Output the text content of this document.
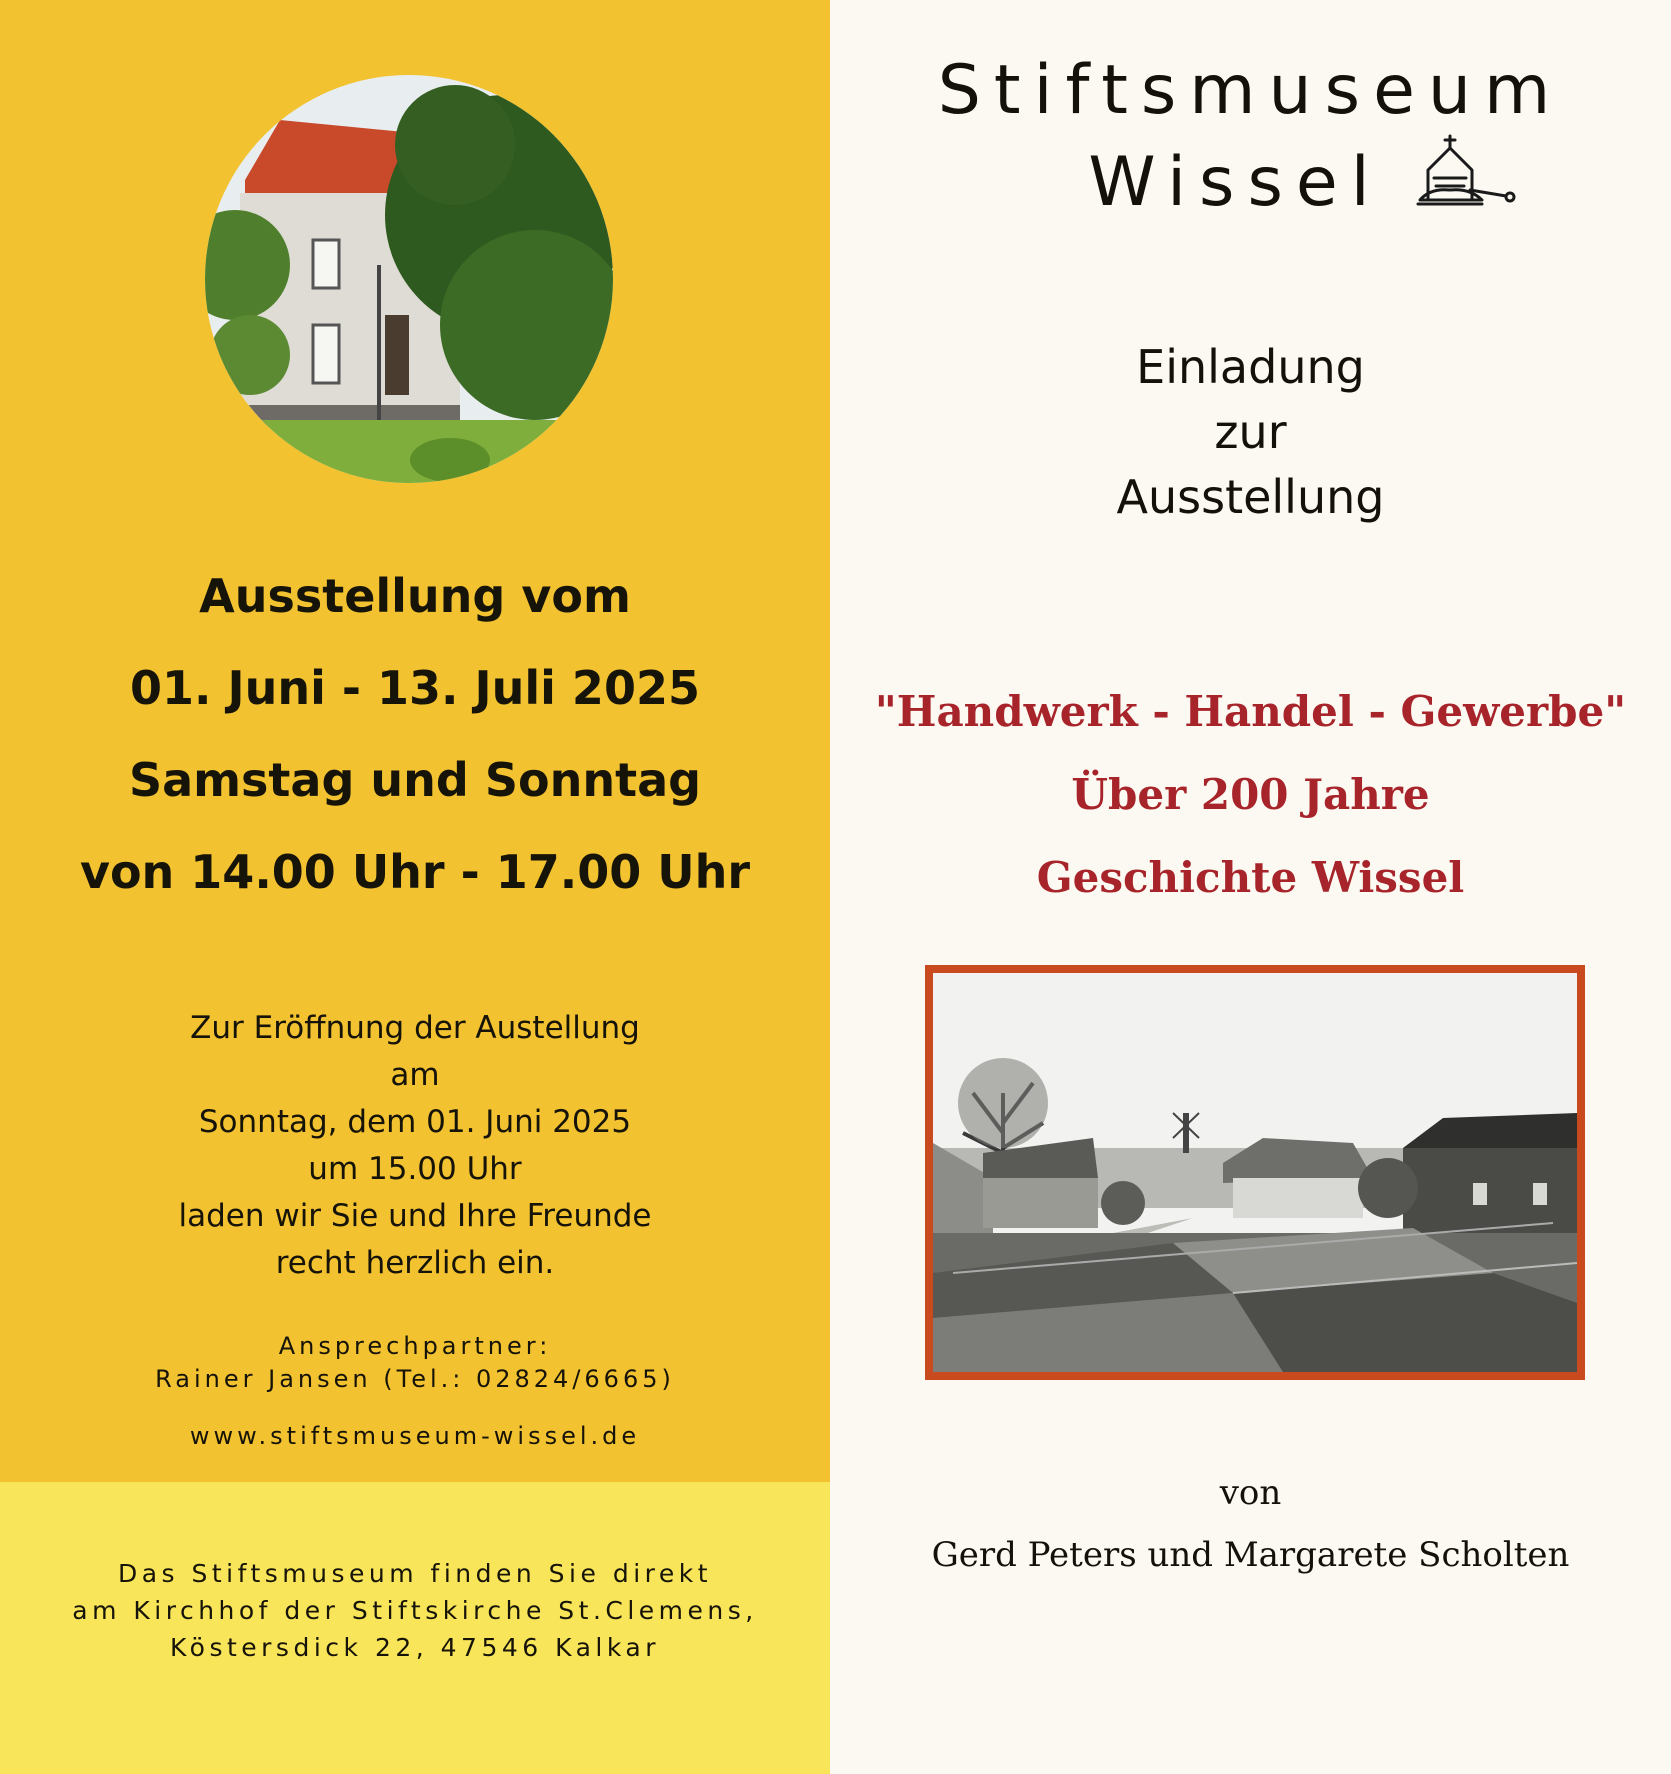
Ausstellung vom
01. Juni - 13. Juli 2025
Samstag und Sonntag
von 14.00 Uhr - 17.00 Uhr
Zur Eröffnung der Austellung
am
Sonntag, dem 01. Juni 2025
um 15.00 Uhr
laden wir Sie und Ihre Freunde
recht herzlich ein.
Ansprechpartner:
Rainer Jansen (Tel.: 02824/6665)
www.stiftsmuseum-wissel.de
Das Stiftsmuseum finden Sie direkt
am Kirchhof der Stiftskirche St.Clemens,
Köstersdick 22, 47546 Kalkar
Stiftsmuseum
Wissel
Einladung
zur
Ausstellung
"Handwerk - Handel - Gewerbe"
Über 200 Jahre
Geschichte Wissel
von
Gerd Peters und Margarete Scholten
